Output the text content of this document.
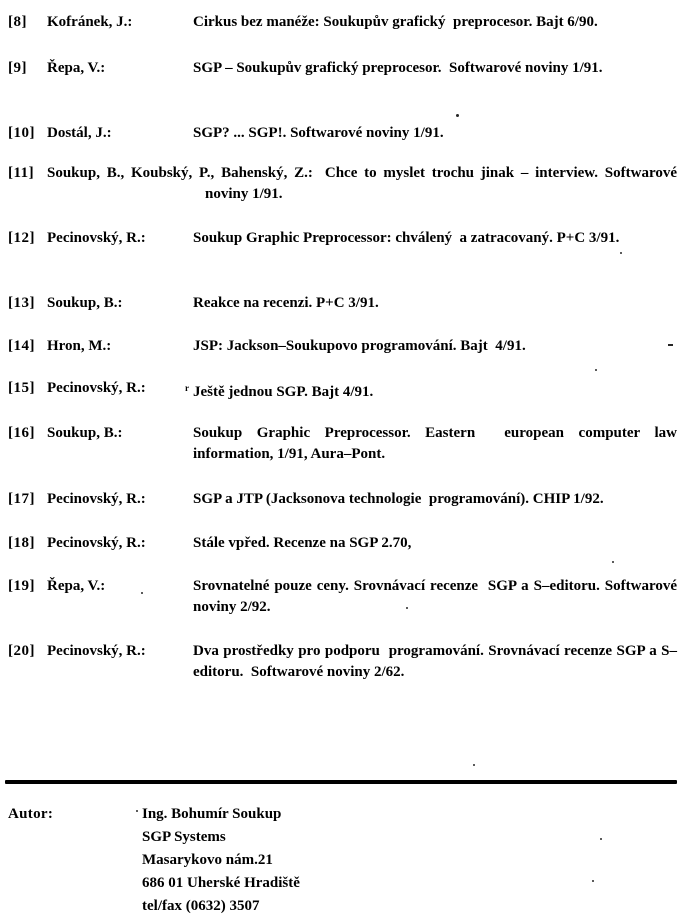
[8] Kofránek, J.:	Cirkus bez manéže: Soukupův grafický  preprocesor. Bajt 6/90.
[9] Řepa, V.:	SGP – Soukupův grafický preprocesor.  Softwarové noviny 1/91.
[10] Dostál, J.:	SGP? ... SGP!. Softwarové noviny 1/91.
[11] Soukup, B., Koubský, P., Bahenský, Z.: Chce to myslet trochu jinak – interview. Softwarové noviny 1/91.
[12] Pecinovský, R.:	Soukup Graphic Preprocessor: chválený  a zatracovaný. P+C 3/91.
[13] Soukup, B.:	Reakce na recenzi. P+C 3/91.
[14] Hron, M.:	JSP: Jackson–Soukupovo programování. Bajt  4/91.
[15] Pecinovský, R.:	$^r$ Ještě jednou SGP. Bajt 4/91.
[16] Soukup, B.:	Soukup Graphic Preprocessor. Eastern  european computer law information, 1/91, Aura–Pont.
[17] Pecinovský, R.:	SGP a JTP (Jacksonova technologie  programování). CHIP 1/92.
[18] Pecinovský, R.:	Stále vpřed. Recenze na SGP 2.70,
[19] Řepa, V.:	Srovnatelné pouze ceny. Srovnávací recenze  SGP a S–editoru. Softwarové noviny 2/92.
[20] Pecinovský, R.:	Dva prostředky pro podporu  programování. Srovnávací recenze SGP a S–editoru.  Softwarové noviny 2/62.
Autor:	Ing. Bohumír Soukup
SGP Systems
Masarykovo nám.21
686 01 Uherské Hradiště
tel/fax (0632) 3507
